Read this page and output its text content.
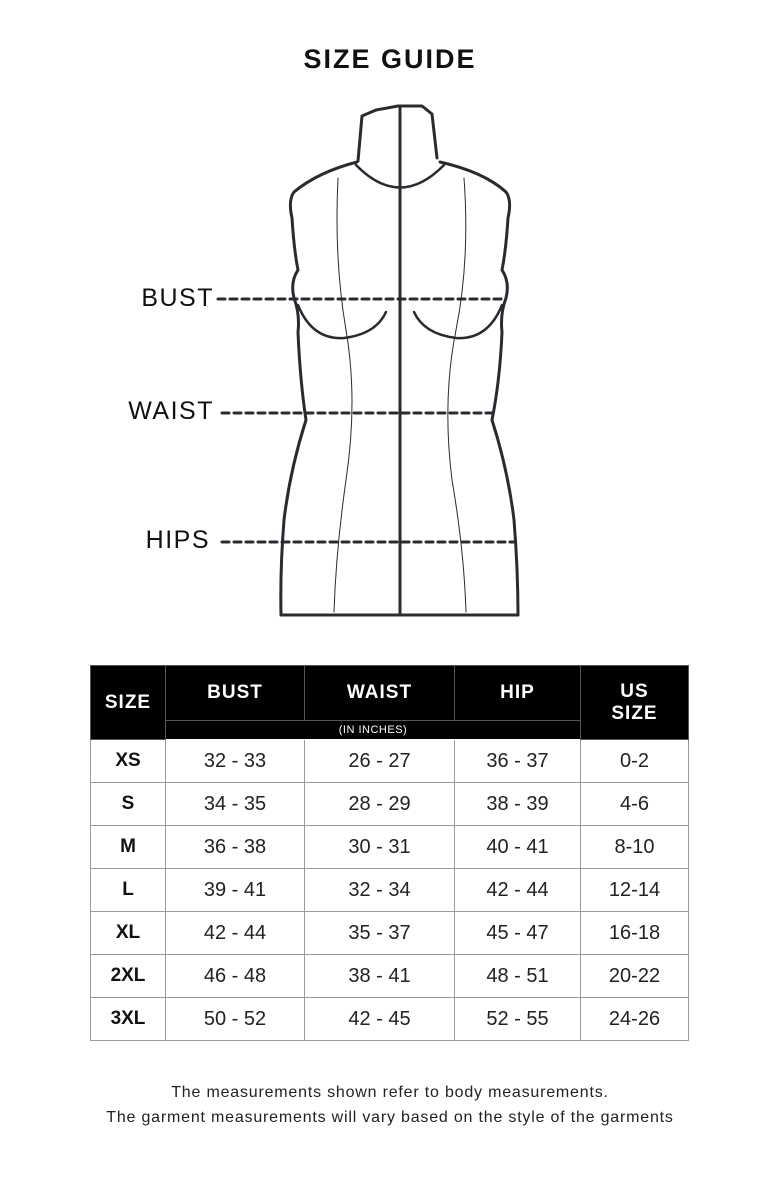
SIZE GUIDE
BUST
WAIST
HIPS
SIZE	BUST	WAIST	HIP	US
SIZE

	(IN INCHES)			
XS	32 - 33	26 - 27	36 - 37	0-2
S	34 - 35	28 - 29	38 - 39	4-6
M	36 - 38	30 - 31	40 - 41	8-10
L	39 - 41	32 - 34	42 - 44	12-14
XL	42 - 44	35 - 37	45 - 47	16-18
2XL	46 - 48	38 - 41	48 - 51	20-22
3XL	50 - 52	42 - 45	52 - 55	24-26
The measurements shown refer to body measurements.
The garment measurements will vary based on the style of the garments
